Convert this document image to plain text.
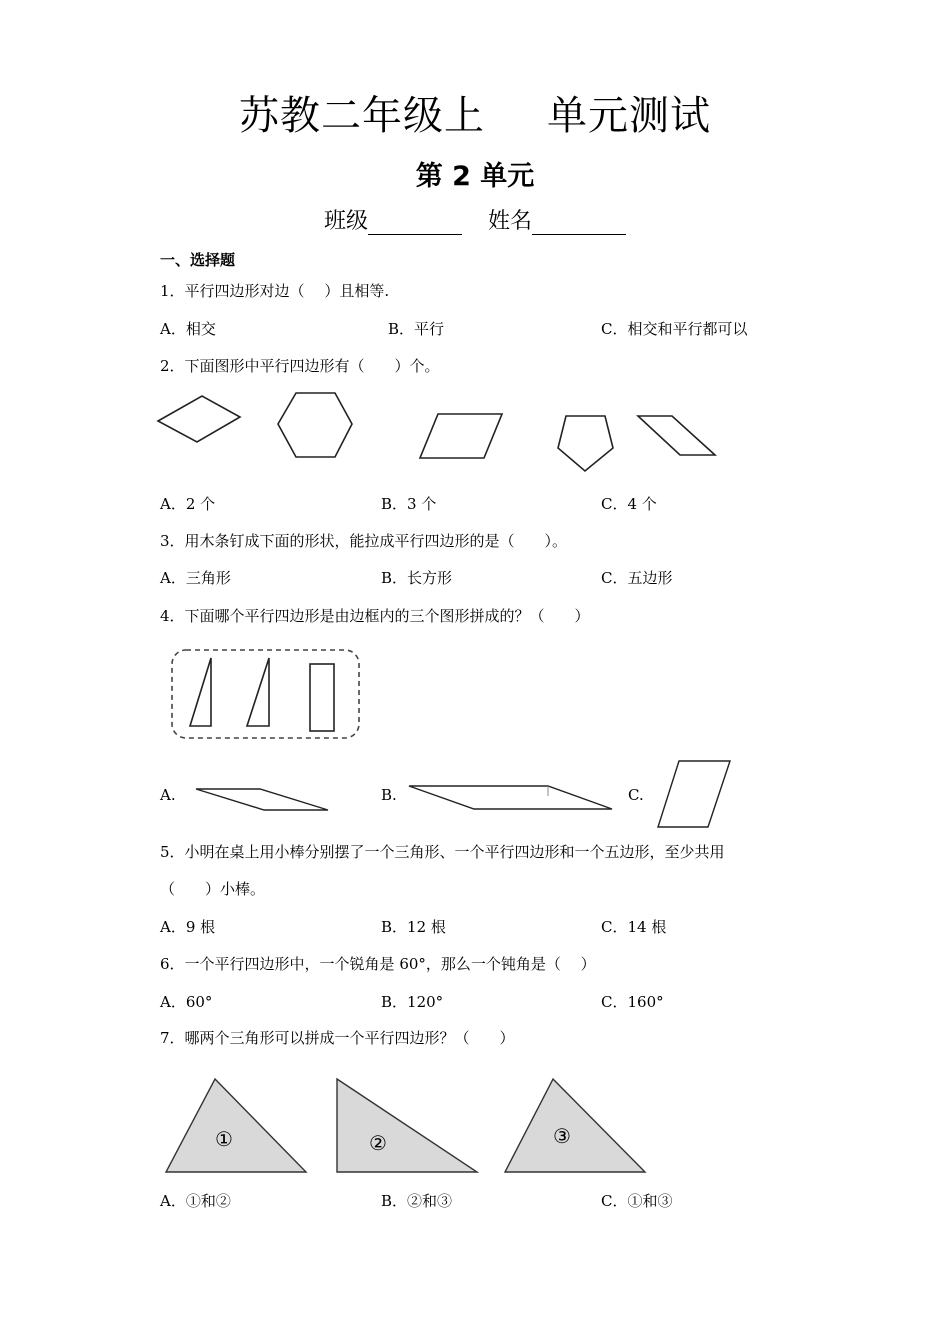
苏教二年级上 单元测试
第 2 单元
班级	姓名
一、选择题
1．平行四边形对边（　 ）且相等.
A．相交	B．平行	C．相交和平行都可以
2．下面图形中平行四边形有（　　）个。
A．2 个	B．3 个	C．4 个
3．用木条钉成下面的形状，能拉成平行四边形的是（　　）。
A．三角形	B．长方形	C．五边形
4．下面哪个平行四边形是由边框内的三个图形拼成的？（　　）
A.	B.	C.
5．小明在桌上用小棒分别摆了一个三角形、一个平行四边形和一个五边形，至少共用
（　　）小棒。
A．9 根	B．12 根	C．14 根
6．一个平行四边形中，一个锐角是 60°，那么一个钝角是（　 ）
A．60°	B．120°	C．160°
7．哪两个三角形可以拼成一个平行四边形？（　　）
①	②	③
A．①和②	B．②和③	C．①和③
